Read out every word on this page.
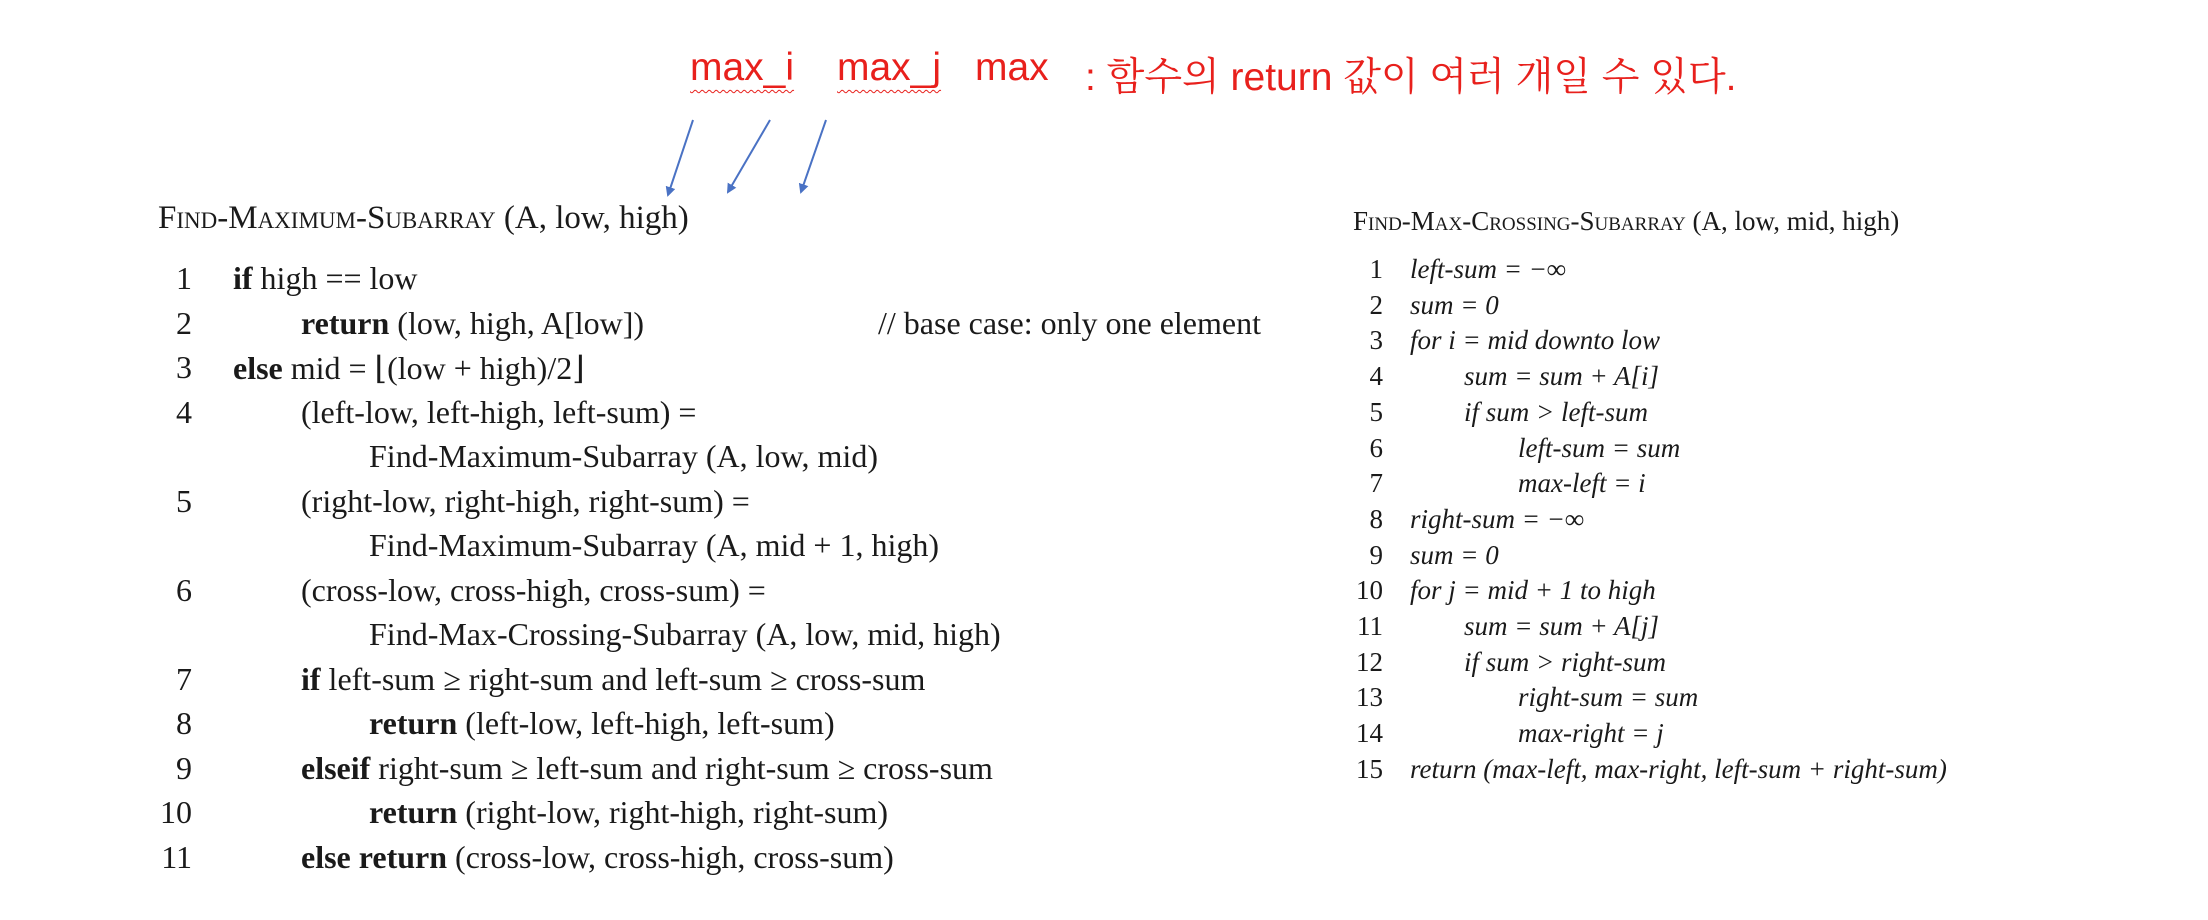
max_i max_j max : 함수의 return 값이 여러 개일 수 있다.
Find-Maximum-Subarray (A, low, high)
1 if high == low
2	return (low, high, A[low])	// base case: only one element
3 else mid = ⌊(low + high)/2⌋
4	(left-low, left-high, left-sum) =
Find-Maximum-Subarray (A, low, mid)
5	(right-low, right-high, right-sum) =
Find-Maximum-Subarray (A, mid + 1, high)
6	(cross-low, cross-high, cross-sum) =
Find-Max-Crossing-Subarray (A, low, mid, high)
7	if left-sum ≥ right-sum and left-sum ≥ cross-sum
8	return (left-low, left-high, left-sum)
9	elseif right-sum ≥ left-sum and right-sum ≥ cross-sum
10	return (right-low, right-high, right-sum)
11	else return (cross-low, cross-high, cross-sum)
Find-Max-Crossing-Subarray (A, low, mid, high)
1 left-sum = −∞
2 sum = 0
3 for i = mid downto low
4	sum = sum + A[i]
5	if sum > left-sum
6	left-sum = sum
7	max-left = i
8 right-sum = −∞
9 sum = 0
10 for j = mid + 1 to high
11	sum = sum + A[j]
12	if sum > right-sum
13	right-sum = sum
14	max-right = j
15 return (max-left, max-right, left-sum + right-sum)
